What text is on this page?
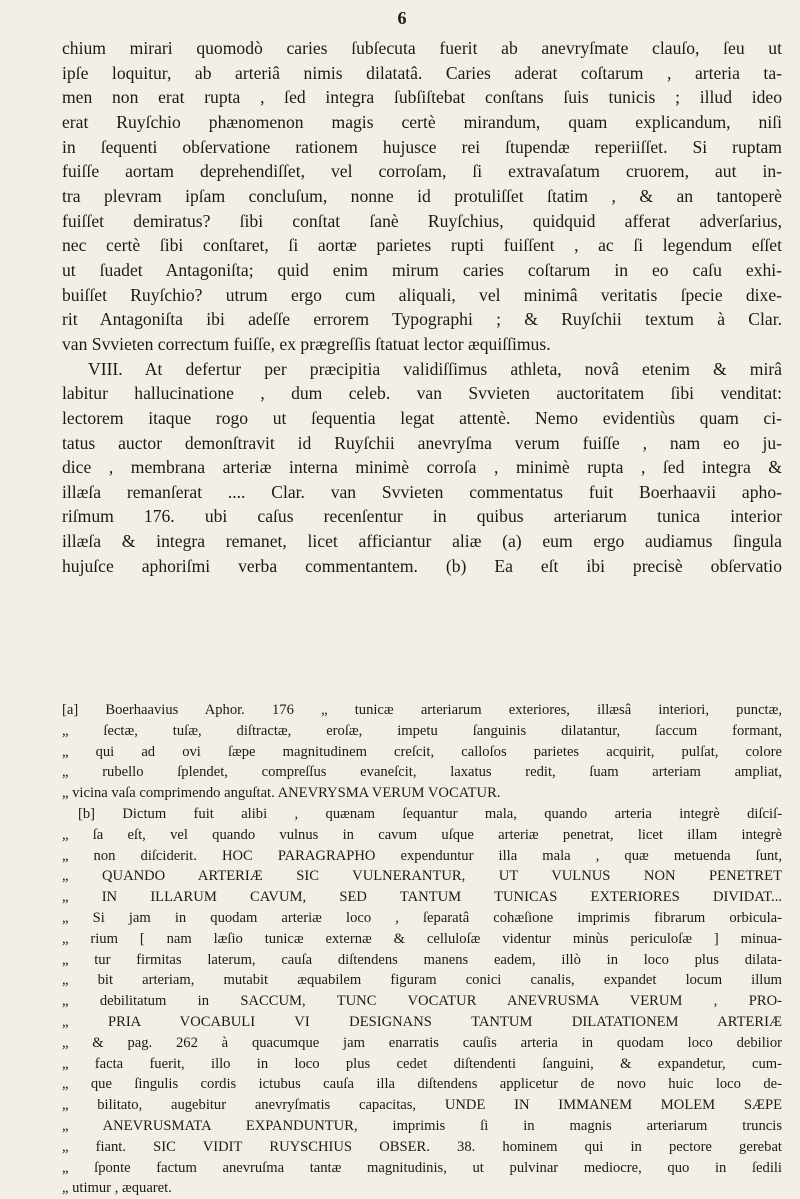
6
chium mirari quomodò caries ſubſecuta fuerit ab anevryſmate clauſo, ſeu ut
ipſe loquitur, ab arteriâ nimis dilatatâ. Caries aderat coſtarum , arteria ta-
men non erat rupta , ſed integra ſubſiſtebat conſtans ſuis tunicis ; illud ideo
erat Ruyſchio phænomenon magis certè mirandum, quam explicandum, niſi
in ſequenti obſervatione rationem hujusce rei ſtupendæ reperiiſſet. Si ruptam
fuiſſe aortam deprehendiſſet, vel corroſam, ſi extravaſatum cruorem, aut in-
tra plevram ipſam concluſum, nonne id protuliſſet ſtatim , & an tantoperè
fuiſſet demiratus? ſibi conſtat ſanè Ruyſchius, quidquid afferat adverſarius,
nec certè ſibi conſtaret, ſi aortæ parietes rupti fuiſſent , ac ſi legendum eſſet
ut ſuadet Antagoniſta; quid enim mirum caries coſtarum in eo caſu exhi-
buiſſet Ruyſchio? utrum ergo cum aliquali, vel minimâ veritatis ſpecie dixe-
rit Antagoniſta ibi adeſſe errorem Typographi ; & Ruyſchii textum à Clar.
van Svvieten correctum fuiſſe, ex prægreſſis ſtatuat lector æquiſſimus.
VIII. At defertur per præcipitia validiſſimus athleta, novâ etenim & mirâ
labitur hallucinatione , dum celeb. van Svvieten auctoritatem ſibi venditat:
lectorem itaque rogo ut ſequentia legat attentè. Nemo evidentiùs quam ci-
tatus auctor demonſtravit id Ruyſchii anevryſma verum fuiſſe , nam eo ju-
dice , membrana arteriæ interna minimè corroſa , minimè rupta , ſed integra &
illæſa remanſerat .... Clar. van Svvieten commentatus fuit Boerhaavii apho-
riſmum 176. ubi caſus recenſentur in quibus arteriarum tunica interior
illæſa & integra remanet, licet afficiantur aliæ (a) eum ergo audiamus ſingula
hujuſce aphoriſmi verba commentantem. (b) Ea eſt ibi precisè obſervatio
[a] Boerhaavius Aphor. 176 „ tunicæ arteriarum exteriores, illæsâ interiori, punctæ,
„ ſectæ, tuſæ, diſtractæ, eroſæ, impetu ſanguinis dilatantur, ſaccum formant,
„ qui ad ovi ſæpe magnitudinem creſcit, calloſos parietes acquirit, pulſat, colore
„ rubello ſplendet, compreſſus evaneſcit, laxatus redit, ſuam arteriam ampliat,
„ vicina vaſa comprimendo anguſtat. ANEVRYSMA VERUM VOCATUR.
[b] Dictum fuit alibi , quænam ſequantur mala, quando arteria integrè diſciſ-
„ ſa eſt, vel quando vulnus in cavum uſque arteriæ penetrat, licet illam integrè
„ non diſciderit. HOC PARAGRAPHO expenduntur illa mala , quæ metuenda ſunt,
„ QUANDO ARTERIÆ SIC VULNERANTUR, UT VULNUS NON PENETRET
„ IN ILLARUM CAVUM, SED TANTUM TUNICAS EXTERIORES DIVIDAT...
„ Si jam in quodam arteriæ loco , ſeparatâ cohæſione imprimis fibrarum orbicula-
„ rium [ nam læſio tunicæ externæ & celluloſæ videntur minùs periculoſæ ] minua-
„ tur firmitas laterum, cauſa diſtendens manens eadem, illò in loco plus dilata-
„ bit arteriam, mutabit æquabilem figuram conici canalis, expandet locum illum
„ debilitatum in SACCUM, TUNC VOCATUR ANEVRUSMA VERUM , PRO-
„ PRIA VOCABULI VI DESIGNANS TANTUM DILATATIONEM ARTERIÆ
„ & pag. 262 à quacumque jam enarratis cauſis arteria in quodam loco debilior
„ facta fuerit, illo in loco plus cedet diſtendenti ſanguini, & expandetur, cum-
„ que ſingulis cordis ictubus cauſa illa diſtendens applicetur de novo huic loco de-
„ bilitato, augebitur anevryſmatis capacitas, UNDE IN IMMANEM MOLEM SÆPE
„ ANEVRUSMATA EXPANDUNTUR, imprimis ſi in magnis arteriarum truncis
„ fiant. SIC VIDIT RUYSCHIUS OBSER. 38. hominem qui in pectore gerebat
„ ſponte factum anevruſma tantæ magnitudinis, ut pulvinar mediocre, quo in ſedili
„ utimur , æquaret.
